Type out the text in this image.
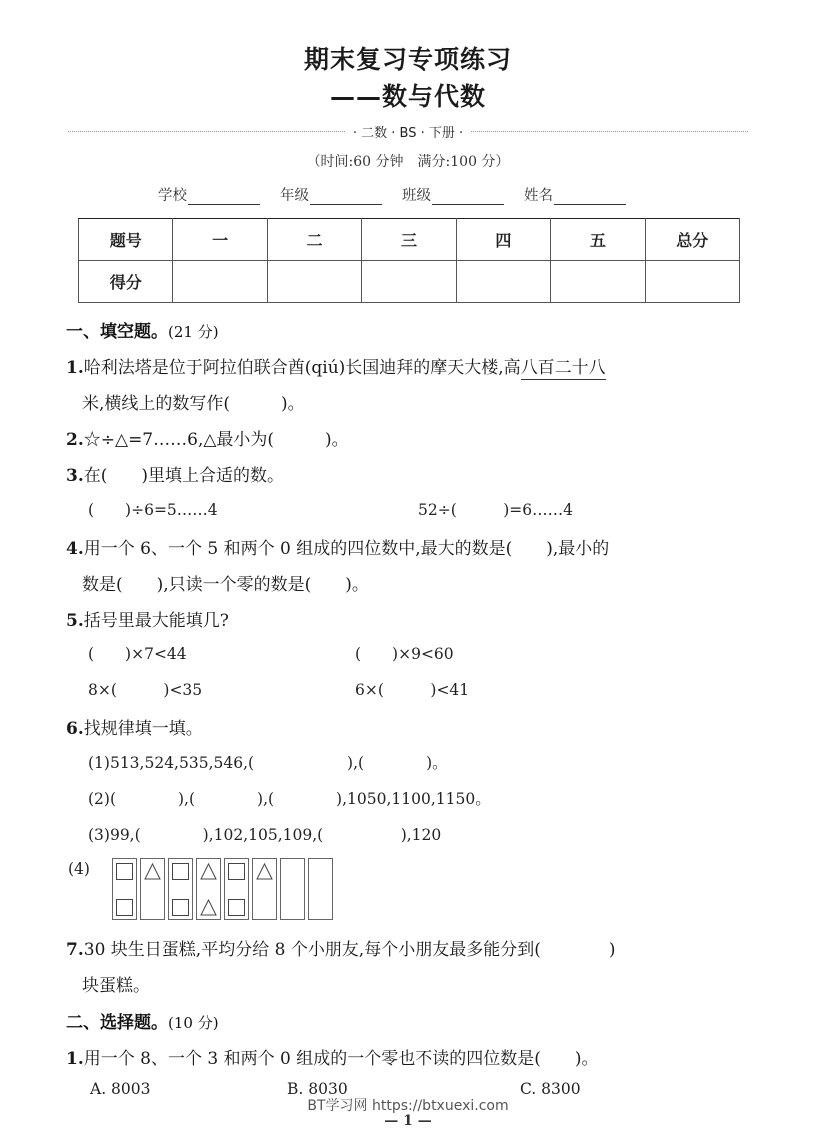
期末复习专项练习
——数与代数
· 二数 · BS · 下册 ·
（时间:60 分钟　满分:100 分）
学校	年级	班级	姓名
题号	一	二	三	四	五	总分
得分						
一、填空题。(21 分)
1.哈利法塔是位于阿拉伯联合酋(qiú)长国迪拜的摩天大楼,高八百二十八
米,横线上的数写作(　　　)。
2.☆÷△=7……6,△最小为(　　　)。
3.在(　　)里填上合适的数。
(　　)÷6=5……4	52÷(　　　)=6……4
4.用一个 6、一个 5 和两个 0 组成的四位数中,最大的数是(　　),最小的
数是(　　),只读一个零的数是(　　)。
5.括号里最大能填几?
(　　)×7<44	(　　)×9<60
8×(　　　)<35	6×(　　　)<41
6.找规律填一填。
(1)513,524,535,546,(　　　　　　),(　　　　)。
(2)(　　　　),(　　　　),(　　　　),1050,1100,1150。
(3)99,(　　　　),102,105,109,(　　　　　),120
(4)
7.30 块生日蛋糕,平均分给 8 个小朋友,每个小朋友最多能分到(　　　　)
块蛋糕。
二、选择题。(10 分)
1.用一个 8、一个 3 和两个 0 组成的一个零也不读的四位数是(　　)。
A. 8003	B. 8030	C. 8300
BT学习网 https://btxuexi.com
— 1 —
